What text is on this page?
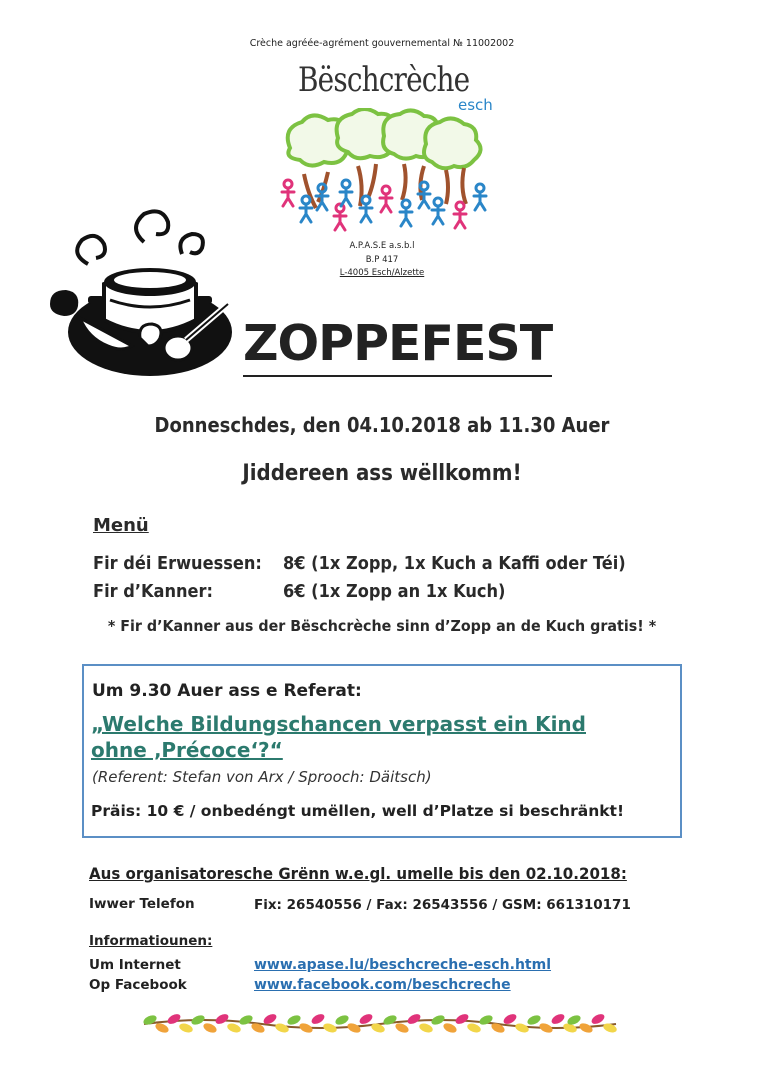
Crèche agréée-agrément gouvernemental № 11002002
Bëschcrèche
esch
A.P.A.S.E a.s.b.l
B.P 417
L-4005 Esch/Alzette
ZOPPEFEST
Donneschdes, den 04.10.2018 ab 11.30 Auer
Jiddereen ass wëllkomm!
Menü
Fir déi Erwuessen: 8€ (1x Zopp, 1x Kuch a Kaffi oder Téi)
Fir d’Kanner:	6€ (1x Zopp an 1x Kuch)
* Fir d’Kanner aus der Bëschcrèche sinn d’Zopp an de Kuch gratis! *
Um 9.30 Auer ass e Referat:
„Welche Bildungschancen verpasst ein Kind
ohne ‚Précoce‘?“
(Referent: Stefan von Arx / Sprooch: Däitsch)
Präis: 10 € / onbedéngt umëllen, well d’Platze si beschränkt!
Aus organisatoresche Grënn w.e.gl. umelle bis den 02.10.2018:
Iwwer Telefon	Fix: 26540556 / Fax: 26543556 / GSM: 661310171
Informatiounen:
Um Internet	www.apase.lu/beschcreche-esch.html
Op Facebook	www.facebook.com/beschcreche
